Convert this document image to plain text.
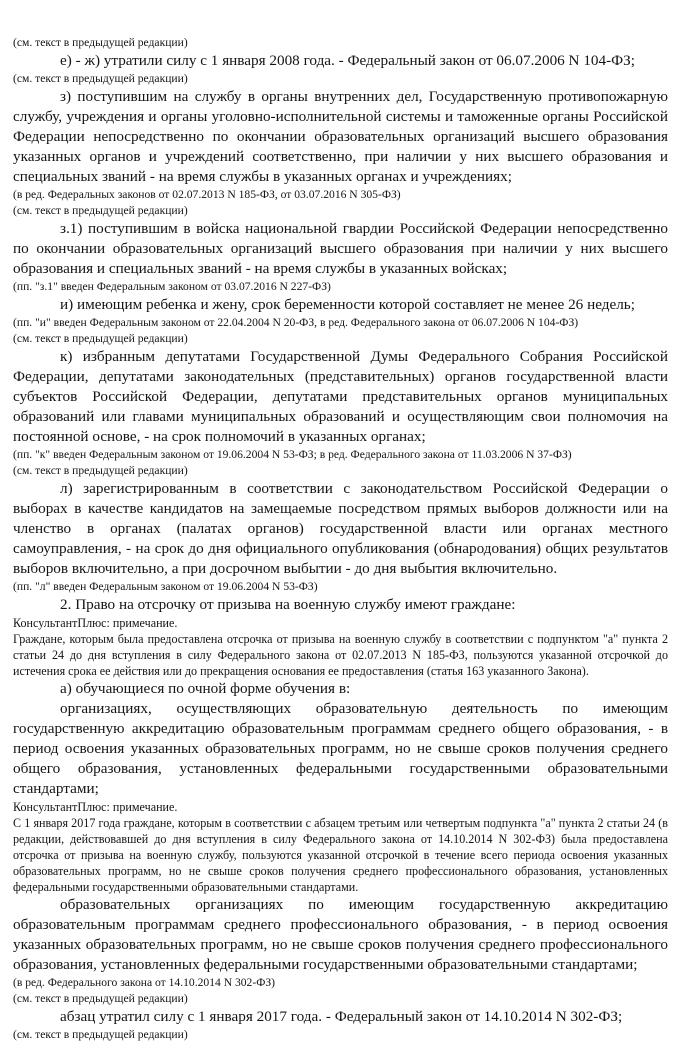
(см. текст в предыдущей редакции)

е) - ж) утратили силу с 1 января 2008 года. - Федеральный закон от 06.07.2006 N 104-ФЗ;

(см. текст в предыдущей редакции)

з) поступившим на службу в органы внутренних дел, Государственную противопожарную службу, учреждения и органы уголовно-исполнительной системы и таможенные органы Российской Федерации непосредственно по окончании образовательных организаций высшего образования указанных органов и учреждений соответственно, при наличии у них высшего образования и специальных званий - на время службы в указанных органах и учреждениях;

(в ред. Федеральных законов от 02.07.2013 N 185-ФЗ, от 03.07.2016 N 305-ФЗ)

(см. текст в предыдущей редакции)

з.1) поступившим в войска национальной гвардии Российской Федерации непосредственно по окончании образовательных организаций высшего образования при наличии у них высшего образования и специальных званий - на время службы в указанных войсках;

(пп. "з.1" введен Федеральным законом от 03.07.2016 N 227-ФЗ)

и) имеющим ребенка и жену, срок беременности которой составляет не менее 26 недель;

(пп. "и" введен Федеральным законом от 22.04.2004 N 20-ФЗ, в ред. Федерального закона от 06.07.2006 N 104-ФЗ)

(см. текст в предыдущей редакции)

к) избранным депутатами Государственной Думы Федерального Собрания Российской Федерации, депутатами законодательных (представительных) органов государственной власти субъектов Российской Федерации, депутатами представительных органов муниципальных образований или главами муниципальных образований и осуществляющим свои полномочия на постоянной основе, - на срок полномочий в указанных органах;

(пп. "к" введен Федеральным законом от 19.06.2004 N 53-ФЗ; в ред. Федерального закона от 11.03.2006 N 37-ФЗ)

(см. текст в предыдущей редакции)

л) зарегистрированным в соответствии с законодательством Российской Федерации о выборах в качестве кандидатов на замещаемые посредством прямых выборов должности или на членство в органах (палатах органов) государственной власти или органах местного самоуправления, - на срок до дня официального опубликования (обнародования) общих результатов выборов включительно, а при досрочном выбытии - до дня выбытия включительно.

(пп. "л" введен Федеральным законом от 19.06.2004 N 53-ФЗ)

2. Право на отсрочку от призыва на военную службу имеют граждане:

КонсультантПлюс: примечание.

Граждане, которым была предоставлена отсрочка от призыва на военную службу в соответствии с подпунктом "а" пункта 2 статьи 24 до дня вступления в силу Федерального закона от 02.07.2013 N 185-ФЗ, пользуются указанной отсрочкой до истечения срока ее действия или до прекращения основания ее предоставления (статья 163 указанного Закона).

а) обучающиеся по очной форме обучения в:

организациях, осуществляющих образовательную деятельность по имеющим государственную аккредитацию образовательным программам среднего общего образования, - в период освоения указанных образовательных программ, но не свыше сроков получения среднего общего образования, установленных федеральными государственными образовательными стандартами;

КонсультантПлюс: примечание.

С 1 января 2017 года граждане, которым в соответствии с абзацем третьим или четвертым подпункта "а" пункта 2 статьи 24 (в редакции, действовавшей до дня вступления в силу Федерального закона от 14.10.2014 N 302-ФЗ) была предоставлена отсрочка от призыва на военную службу, пользуются указанной отсрочкой в течение всего периода освоения указанных образовательных программ, но не свыше сроков получения среднего профессионального образования, установленных федеральными государственными образовательными стандартами.

образовательных организациях по имеющим государственную аккредитацию образовательным программам среднего профессионального образования, - в период освоения указанных образовательных программ, но не свыше сроков получения среднего профессионального образования, установленных федеральными государственными образовательными стандартами;

(в ред. Федерального закона от 14.10.2014 N 302-ФЗ)

(см. текст в предыдущей редакции)

абзац утратил силу с 1 января 2017 года. - Федеральный закон от 14.10.2014 N 302-ФЗ;

(см. текст в предыдущей редакции)
